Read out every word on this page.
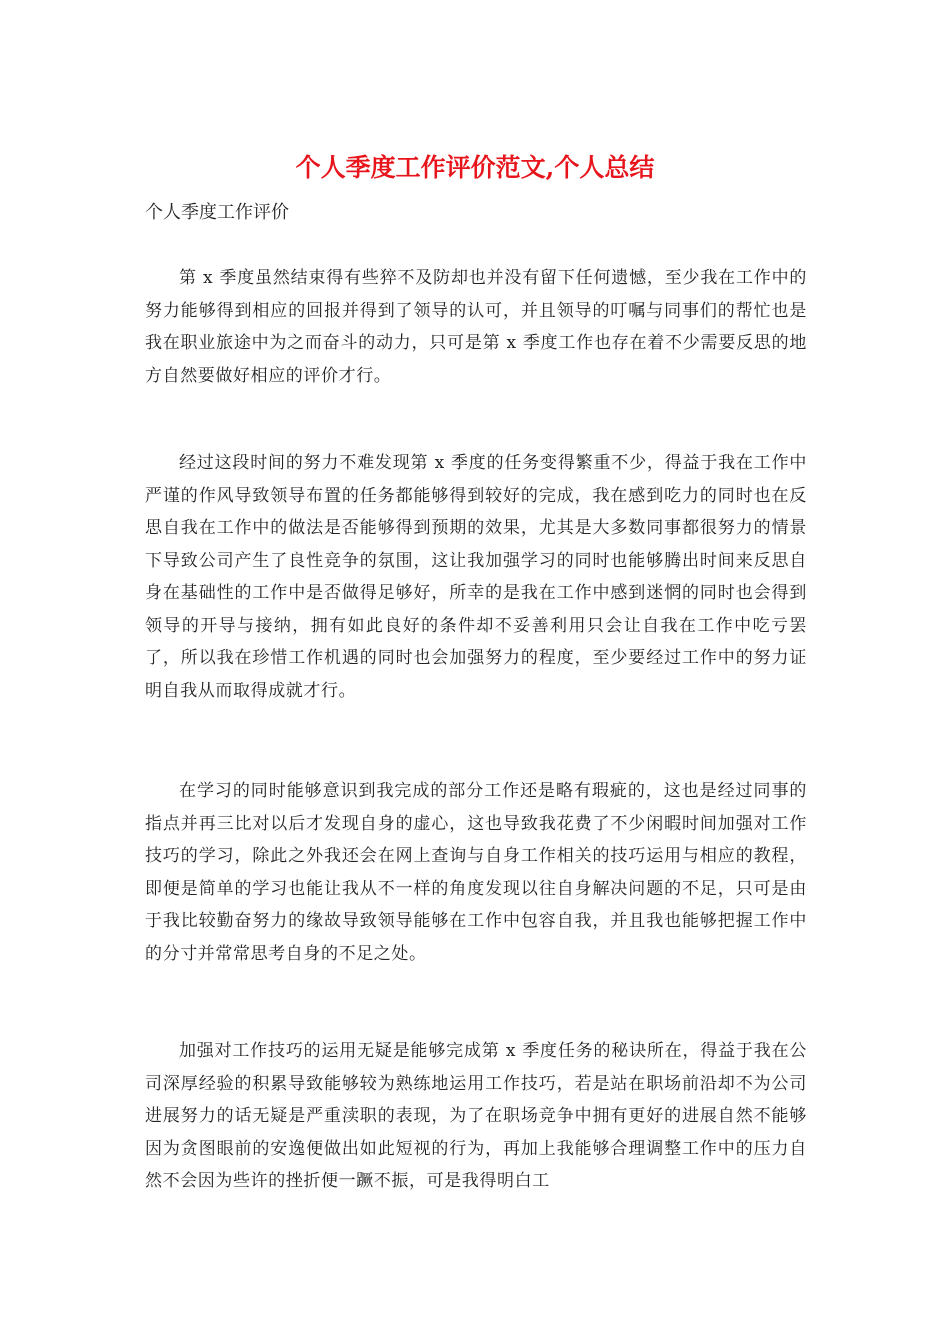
个人季度工作评价范文,个人总结
个人季度工作评价

第 x 季度虽然结束得有些猝不及防却也并没有留下任何遗憾，至少我在工作中的努力能够得到相应的回报并得到了领导的认可，并且领导的叮嘱与同事们的帮忙也是我在职业旅途中为之而奋斗的动力，只可是第 x 季度工作也存在着不少需要反思的地方自然要做好相应的评价才行。

经过这段时间的努力不难发现第 x 季度的任务变得繁重不少，得益于我在工作中严谨的作风导致领导布置的任务都能够得到较好的完成，我在感到吃力的同时也在反思自我在工作中的做法是否能够得到预期的效果，尤其是大多数同事都很努力的情景下导致公司产生了良性竞争的氛围，这让我加强学习的同时也能够腾出时间来反思自身在基础性的工作中是否做得足够好，所幸的是我在工作中感到迷惘的同时也会得到领导的开导与接纳，拥有如此良好的条件却不妥善利用只会让自我在工作中吃亏罢了，所以我在珍惜工作机遇的同时也会加强努力的程度，至少要经过工作中的努力证明自我从而取得成就才行。

在学习的同时能够意识到我完成的部分工作还是略有瑕疵的，这也是经过同事的指点并再三比对以后才发现自身的虚心，这也导致我花费了不少闲暇时间加强对工作技巧的学习，除此之外我还会在网上查询与自身工作相关的技巧运用与相应的教程，即便是简单的学习也能让我从不一样的角度发现以往自身解决问题的不足，只可是由于我比较勤奋努力的缘故导致领导能够在工作中包容自我，并且我也能够把握工作中的分寸并常常思考自身的不足之处。

加强对工作技巧的运用无疑是能够完成第 x 季度任务的秘诀所在，得益于我在公司深厚经验的积累导致能够较为熟练地运用工作技巧，若是站在职场前沿却不为公司进展努力的话无疑是严重渎职的表现，为了在职场竞争中拥有更好的进展自然不能够因为贪图眼前的安逸便做出如此短视的行为，再加上我能够合理调整工作中的压力自然不会因为些许的挫折便一蹶不振，可是我得明白工
